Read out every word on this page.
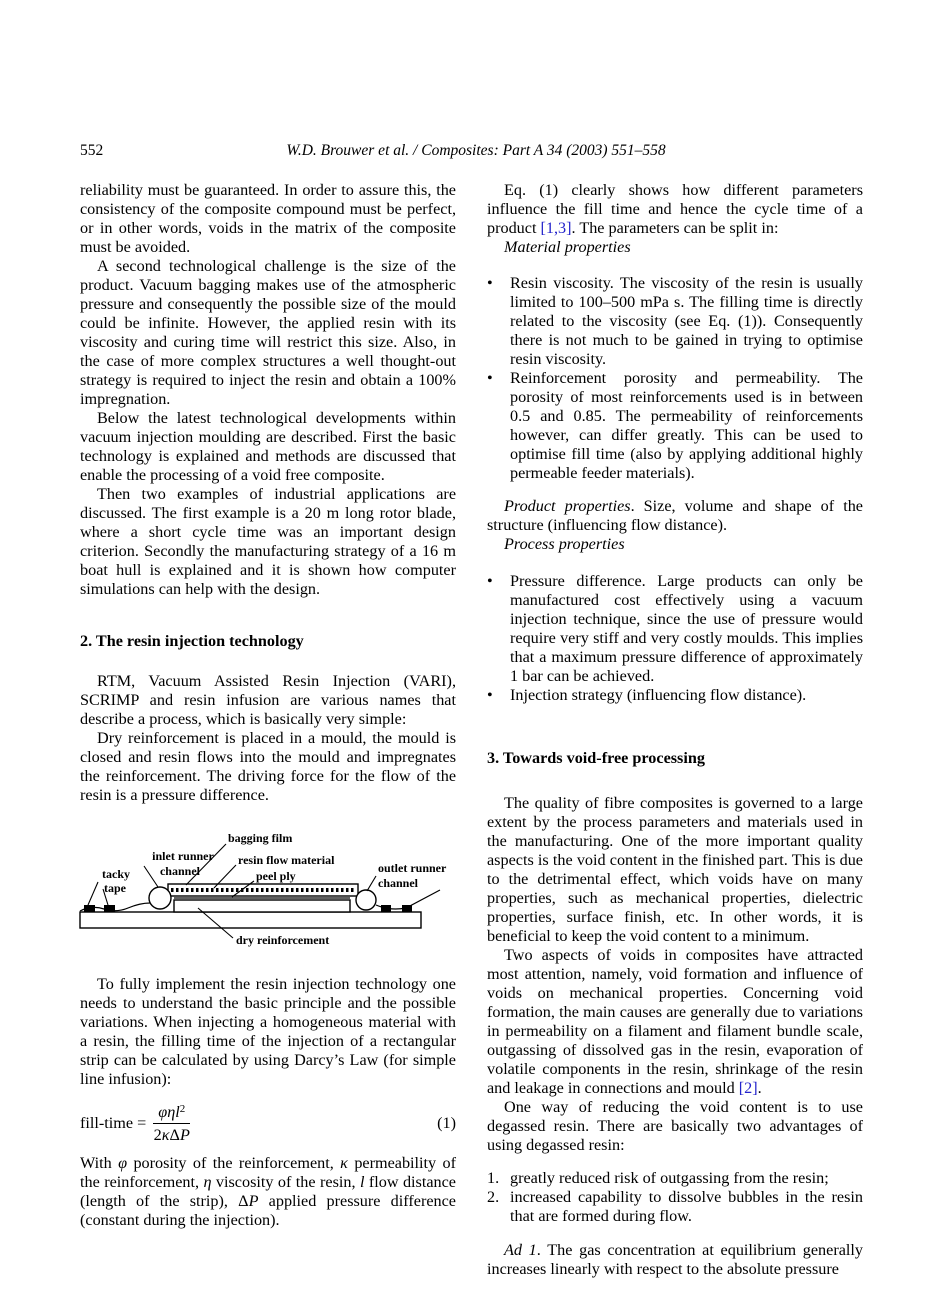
552	W.D. Brouwer et al. / Composites: Part A 34 (2003) 551–558

reliability must be guaranteed. In order to assure this, the consistency of the composite compound must be perfect, or in other words, voids in the matrix of the composite must be avoided.

A second technological challenge is the size of the product. Vacuum bagging makes use of the atmospheric pressure and consequently the possible size of the mould could be infinite. However, the applied resin with its viscosity and curing time will restrict this size. Also, in the case of more complex structures a well thought-out strategy is required to inject the resin and obtain a 100% impregnation.

Below the latest technological developments within vacuum injection moulding are described. First the basic technology is explained and methods are discussed that enable the processing of a void free composite.

Then two examples of industrial applications are discussed. The first example is a 20 m long rotor blade, where a short cycle time was an important design criterion. Secondly the manufacturing strategy of a 16 m boat hull is explained and it is shown how computer simulations can help with the design.

2. The resin injection technology

RTM, Vacuum Assisted Resin Injection (VARI), SCRIMP and resin infusion are various names that describe a process, which is basically very simple:

Dry reinforcement is placed in a mould, the mould is closed and resin flows into the mould and impregnates the reinforcement. The driving force for the flow of the resin is a pressure difference.

bagging film
resin flow material
peel ply
inlet runner
channel	outlet runner
channel
tacky
tape
dry reinforcement

To fully implement the resin injection technology one needs to understand the basic principle and the possible variations. When injecting a homogeneous material with a resin, the filling time of the injection of a rectangular strip can be calculated by using Darcy’s Law (for simple line infusion):

fill-time = $\frac{\varphi\eta l^2}{\text{2κΔP}}$	(1)

With φ porosity of the reinforcement, κ permeability of the reinforcement, η viscosity of the resin, l flow distance (length of the strip), ΔP applied pressure difference (constant during the injection).

Eq. (1) clearly shows how different parameters influence the fill time and hence the cycle time of a product [1,3]. The parameters can be split in:

Material properties

•	Resin viscosity. The viscosity of the resin is usually limited to 100–500 mPa s. The filling time is directly related to the viscosity (see Eq. (1)). Consequently there is not much to be gained in trying to optimise resin viscosity.
•	Reinforcement porosity and permeability. The porosity of most reinforcements used is in between 0.5 and 0.85. The permeability of reinforcements however, can differ greatly. This can be used to optimise fill time (also by applying additional highly permeable feeder materials).

Product properties. Size, volume and shape of the structure (influencing flow distance).

Process properties

•	Pressure difference. Large products can only be manufactured cost effectively using a vacuum injection technique, since the use of pressure would require very stiff and very costly moulds. This implies that a maximum pressure difference of approximately 1 bar can be achieved.
•	Injection strategy (influencing flow distance).
3. Towards void-free processing

The quality of fibre composites is governed to a large extent by the process parameters and materials used in the manufacturing. One of the more important quality aspects is the void content in the finished part. This is due to the detrimental effect, which voids have on many properties, such as mechanical properties, dielectric properties, surface finish, etc. In other words, it is beneficial to keep the void content to a minimum.

Two aspects of voids in composites have attracted most attention, namely, void formation and influence of voids on mechanical properties. Concerning void formation, the main causes are generally due to variations in permeability on a filament and filament bundle scale, outgassing of dissolved gas in the resin, evaporation of volatile components in the resin, shrinkage of the resin and leakage in connections and mould [2].

One way of reducing the void content is to use degassed resin. There are basically two advantages of using degassed resin:

1. greatly reduced risk of outgassing from the resin;
2. increased capability to dissolve bubbles in the resin that are formed during flow.

Ad 1. The gas concentration at equilibrium generally increases linearly with respect to the absolute pressure
